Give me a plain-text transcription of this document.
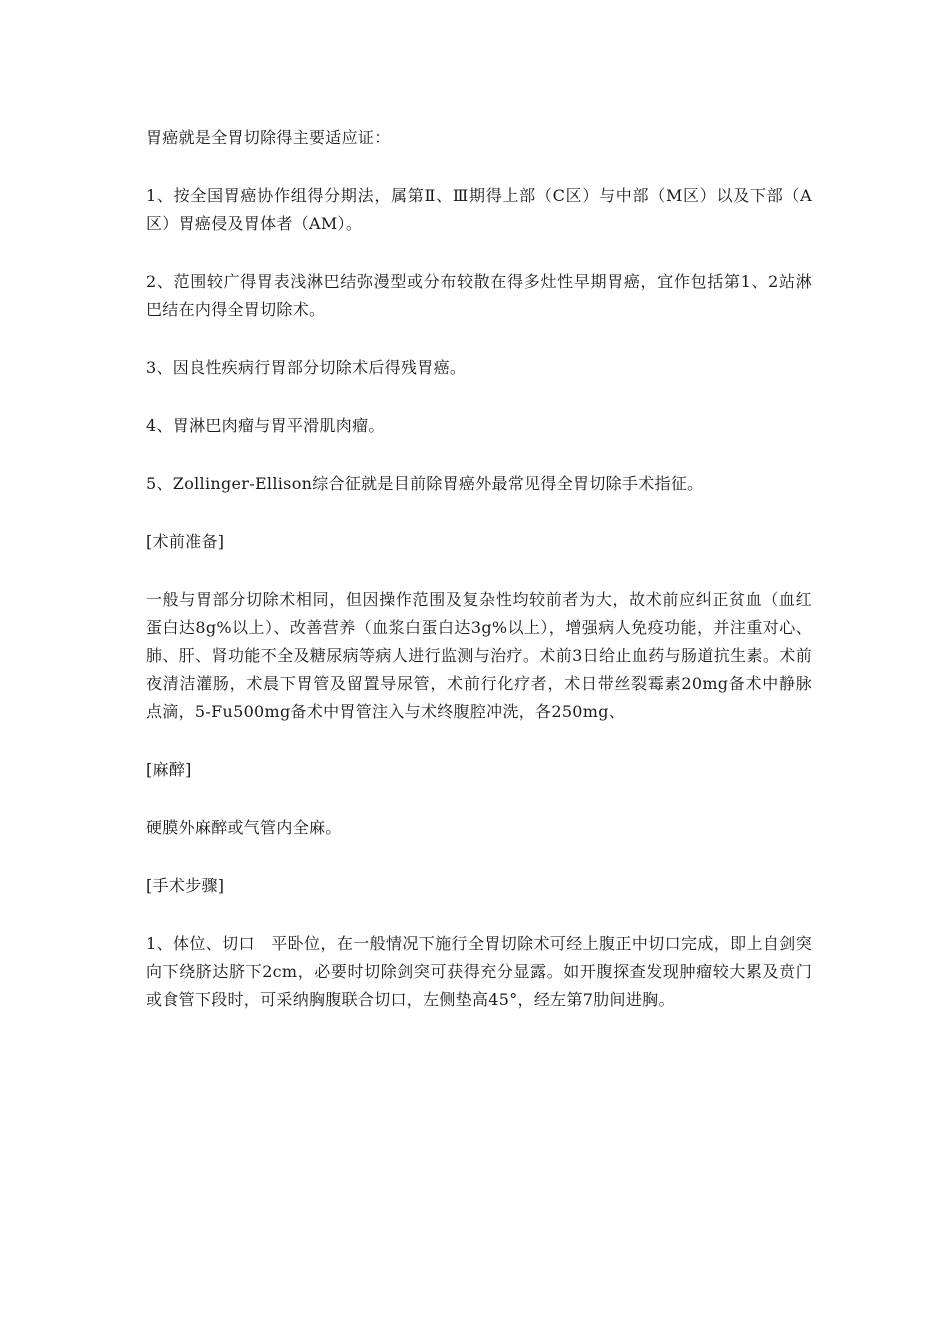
胃癌就是全胃切除得主要适应证：

1、按全国胃癌协作组得分期法，属第Ⅱ、Ⅲ期得上部（C区）与中部（M区）以及下部（A区）胃癌侵及胃体者（AM）。

2、范围较广得胃表浅淋巴结弥漫型或分布较散在得多灶性早期胃癌，宜作包括第1、2站淋巴结在内得全胃切除术。

3、因良性疾病行胃部分切除术后得残胃癌。

4、胃淋巴肉瘤与胃平滑肌肉瘤。

5、Zollinger-Ellison综合征就是目前除胃癌外最常见得全胃切除手术指征。

[术前准备]

一般与胃部分切除术相同，但因操作范围及复杂性均较前者为大，故术前应纠正贫血（血红蛋白达8g%以上）、改善营养（血浆白蛋白达3g%以上），增强病人免疫功能，并注重对心、肺、肝、肾功能不全及糖尿病等病人进行监测与治疗。术前3日给止血药与肠道抗生素。术前夜清洁灌肠，术晨下胃管及留置导尿管，术前行化疗者，术日带丝裂霉素20mg备术中静脉点滴，5-Fu500mg备术中胃管注入与术终腹腔冲洗，各250mg、

[麻醉]

硬膜外麻醉或气管内全麻。

[手术步骤]

1、体位、切口　平卧位，在一般情况下施行全胃切除术可经上腹正中切口完成，即上自剑突向下绕脐达脐下2cm，必要时切除剑突可获得充分显露。如开腹探查发现肿瘤较大累及贲门或食管下段时，可采纳胸腹联合切口，左侧垫高45°，经左第7肋间进胸。
